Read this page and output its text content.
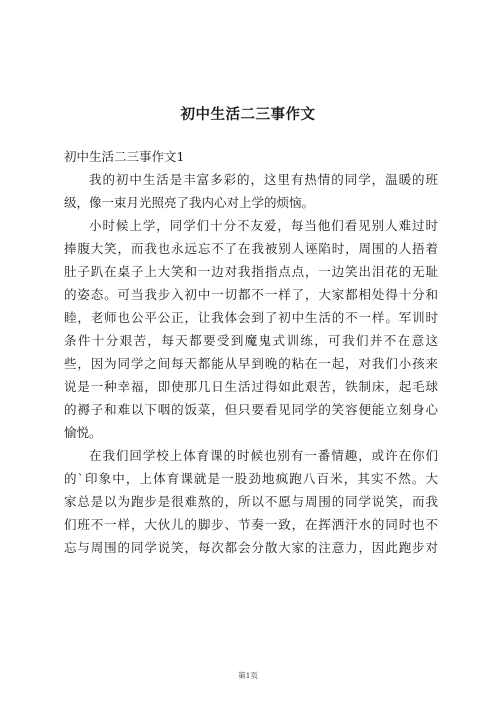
初中生活二三事作文
初中生活二三事作文1
我的初中生活是丰富多彩的，这里有热情的同学，温暖的班
级，像一束月光照亮了我内心对上学的烦恼。
小时候上学，同学们十分不友爱，每当他们看见别人难过时
捧腹大笑，而我也永远忘不了在我被别人诬陷时，周围的人捂着
肚子趴在桌子上大笑和一边对我指指点点，一边笑出泪花的无耻
的姿态。可当我步入初中一切都不一样了，大家都相处得十分和
睦，老师也公平公正，让我体会到了初中生活的不一样。军训时
条件十分艰苦，每天都要受到魔鬼式训练，可我们并不在意这
些，因为同学之间每天都能从早到晚的粘在一起，对我们小孩来
说是一种幸福，即使那几日生活过得如此艰苦，铁制床，起毛球
的褥子和难以下咽的饭菜，但只要看见同学的笑容便能立刻身心
愉悦。
在我们回学校上体育课的时候也别有一番情趣，或许在你们
的`印象中，上体育课就是一股劲地疯跑八百米，其实不然。大
家总是以为跑步是很难熬的，所以不愿与周围的同学说笑，而我
们班不一样，大伙儿的脚步、节奏一致，在挥洒汗水的同时也不
忘与周围的同学说笑，每次都会分散大家的注意力，因此跑步对
第1页
